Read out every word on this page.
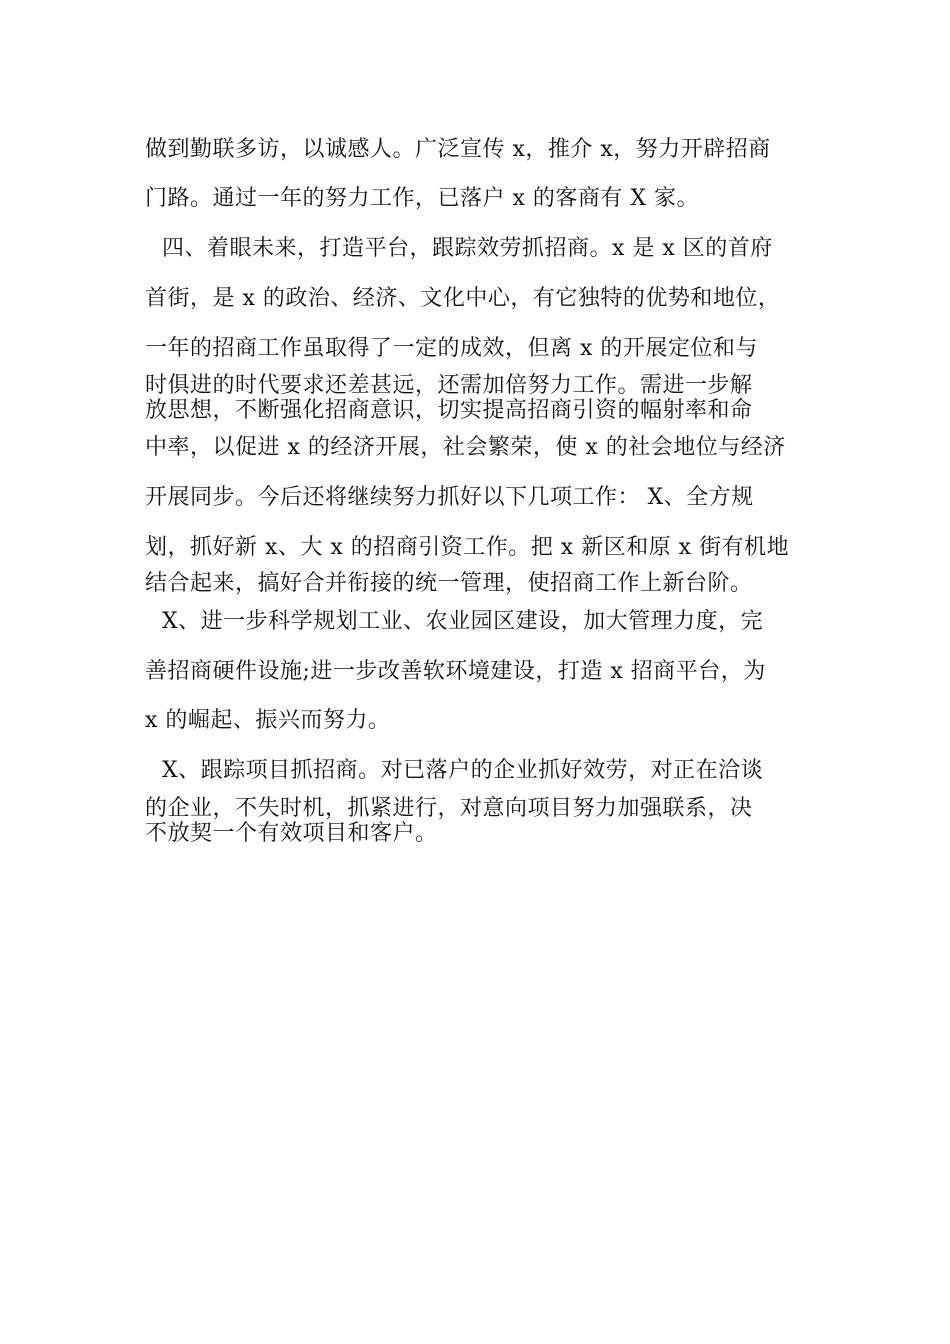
做到勤联多访，以诚感人。广泛宣传 x，推介 x，努力开辟招商
门路。通过一年的努力工作，已落户 x 的客商有 X 家。
四、着眼未来，打造平台，跟踪效劳抓招商。x 是 x 区的首府
首街，是 x 的政治、经济、文化中心，有它独特的优势和地位，
一年的招商工作虽取得了一定的成效，但离 x 的开展定位和与
时俱进的时代要求还差甚远，还需加倍努力工作。需进一步解
放思想，不断强化招商意识，切实提高招商引资的幅射率和命
中率，以促进 x 的经济开展，社会繁荣，使 x 的社会地位与经济
开展同步。今后还将继续努力抓好以下几项工作： X、全方规
划，抓好新 x、大 x 的招商引资工作。把 x 新区和原 x 街有机地
结合起来，搞好合并衔接的统一管理，使招商工作上新台阶。
X、进一步科学规划工业、农业园区建设，加大管理力度，完
善招商硬件设施;进一步改善软环境建设，打造 x 招商平台，为
x 的崛起、振兴而努力。
X、跟踪项目抓招商。对已落户的企业抓好效劳，对正在洽谈
的企业，不失时机，抓紧进行，对意向项目努力加强联系，决
不放契一个有效项目和客户。
